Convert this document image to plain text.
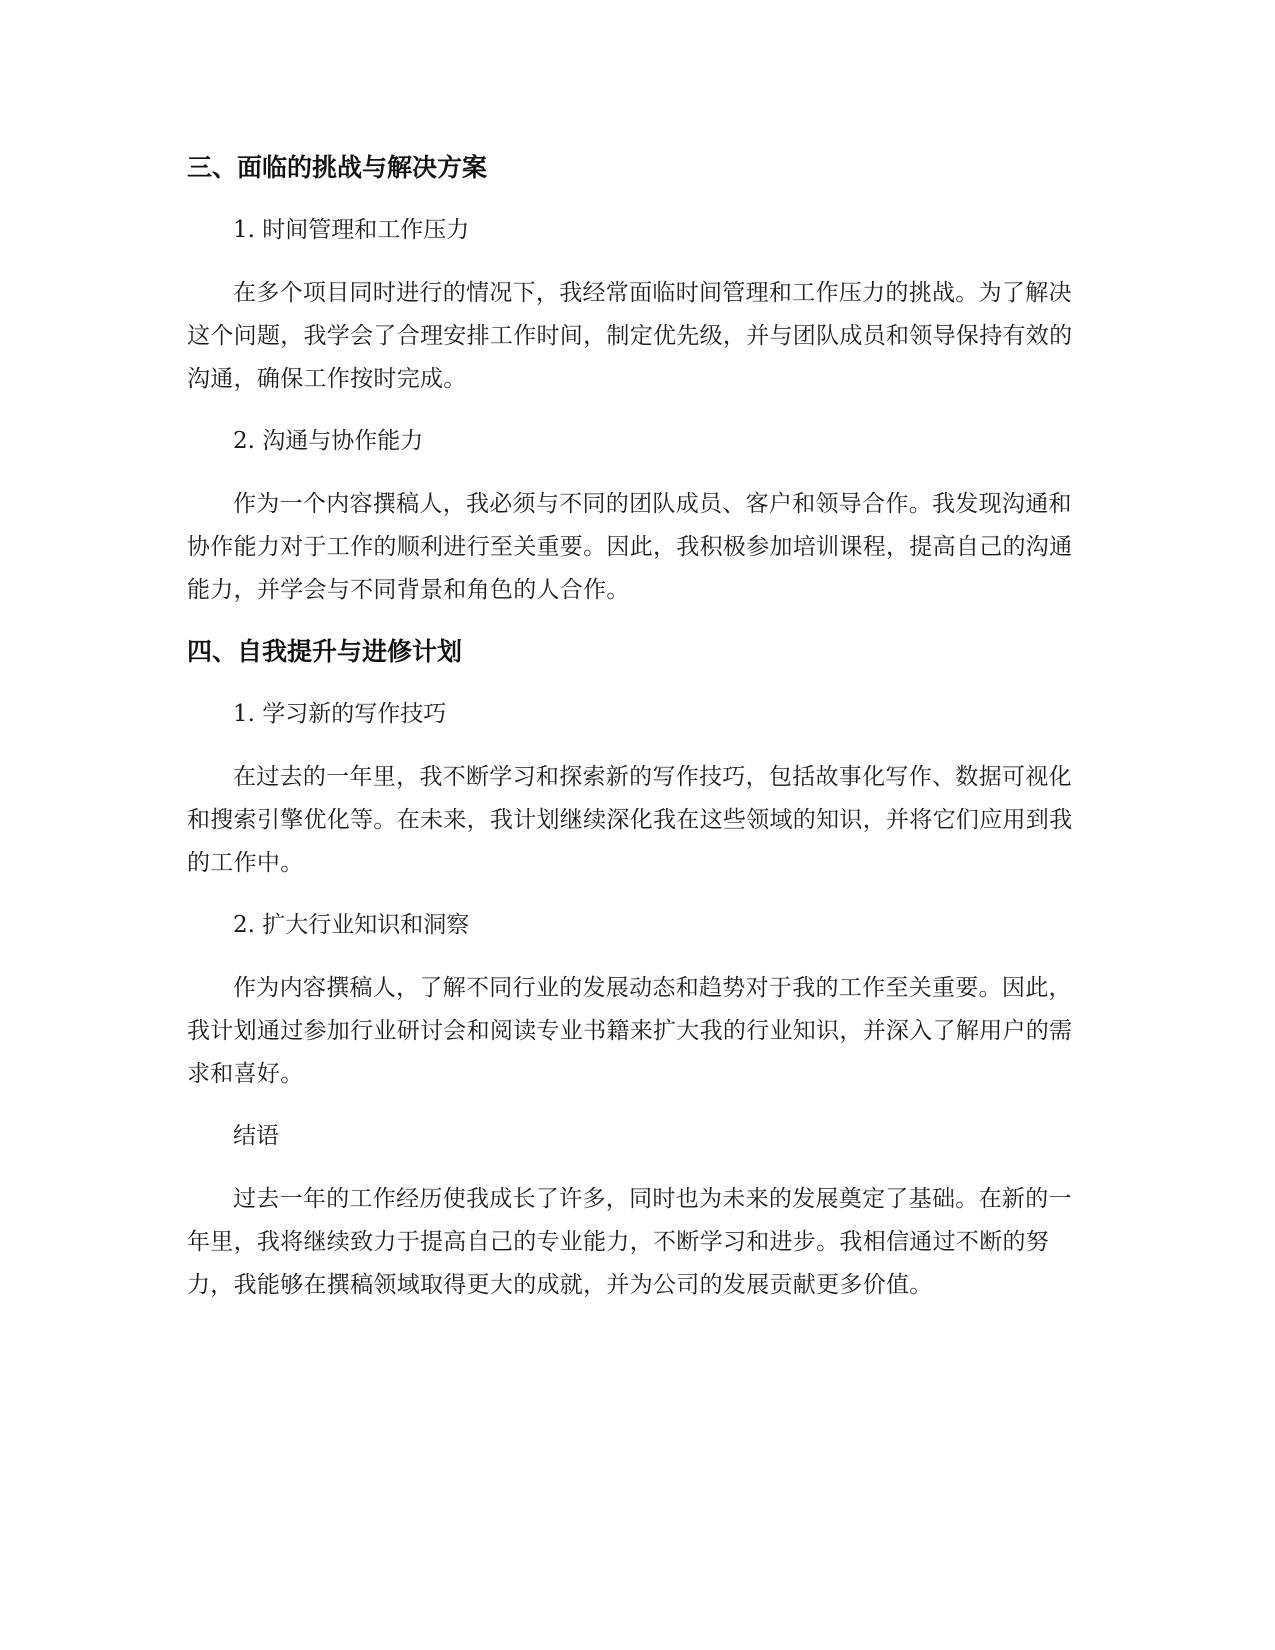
三、面临的挑战与解决方案

1. 时间管理和工作压力

在多个项目同时进行的情况下，我经常面临时间管理和工作压力的挑战。为了解决这个问题，我学会了合理安排工作时间，制定优先级，并与团队成员和领导保持有效的沟通，确保工作按时完成。

2. 沟通与协作能力

作为一个内容撰稿人，我必须与不同的团队成员、客户和领导合作。我发现沟通和协作能力对于工作的顺利进行至关重要。因此，我积极参加培训课程，提高自己的沟通能力，并学会与不同背景和角色的人合作。

四、自我提升与进修计划

1. 学习新的写作技巧

在过去的一年里，我不断学习和探索新的写作技巧，包括故事化写作、数据可视化和搜索引擎优化等。在未来，我计划继续深化我在这些领域的知识，并将它们应用到我的工作中。

2. 扩大行业知识和洞察

作为内容撰稿人，了解不同行业的发展动态和趋势对于我的工作至关重要。因此，我计划通过参加行业研讨会和阅读专业书籍来扩大我的行业知识，并深入了解用户的需求和喜好。

结语

过去一年的工作经历使我成长了许多，同时也为未来的发展奠定了基础。在新的一年里，我将继续致力于提高自己的专业能力，不断学习和进步。我相信通过不断的努力，我能够在撰稿领域取得更大的成就，并为公司的发展贡献更多价值。
